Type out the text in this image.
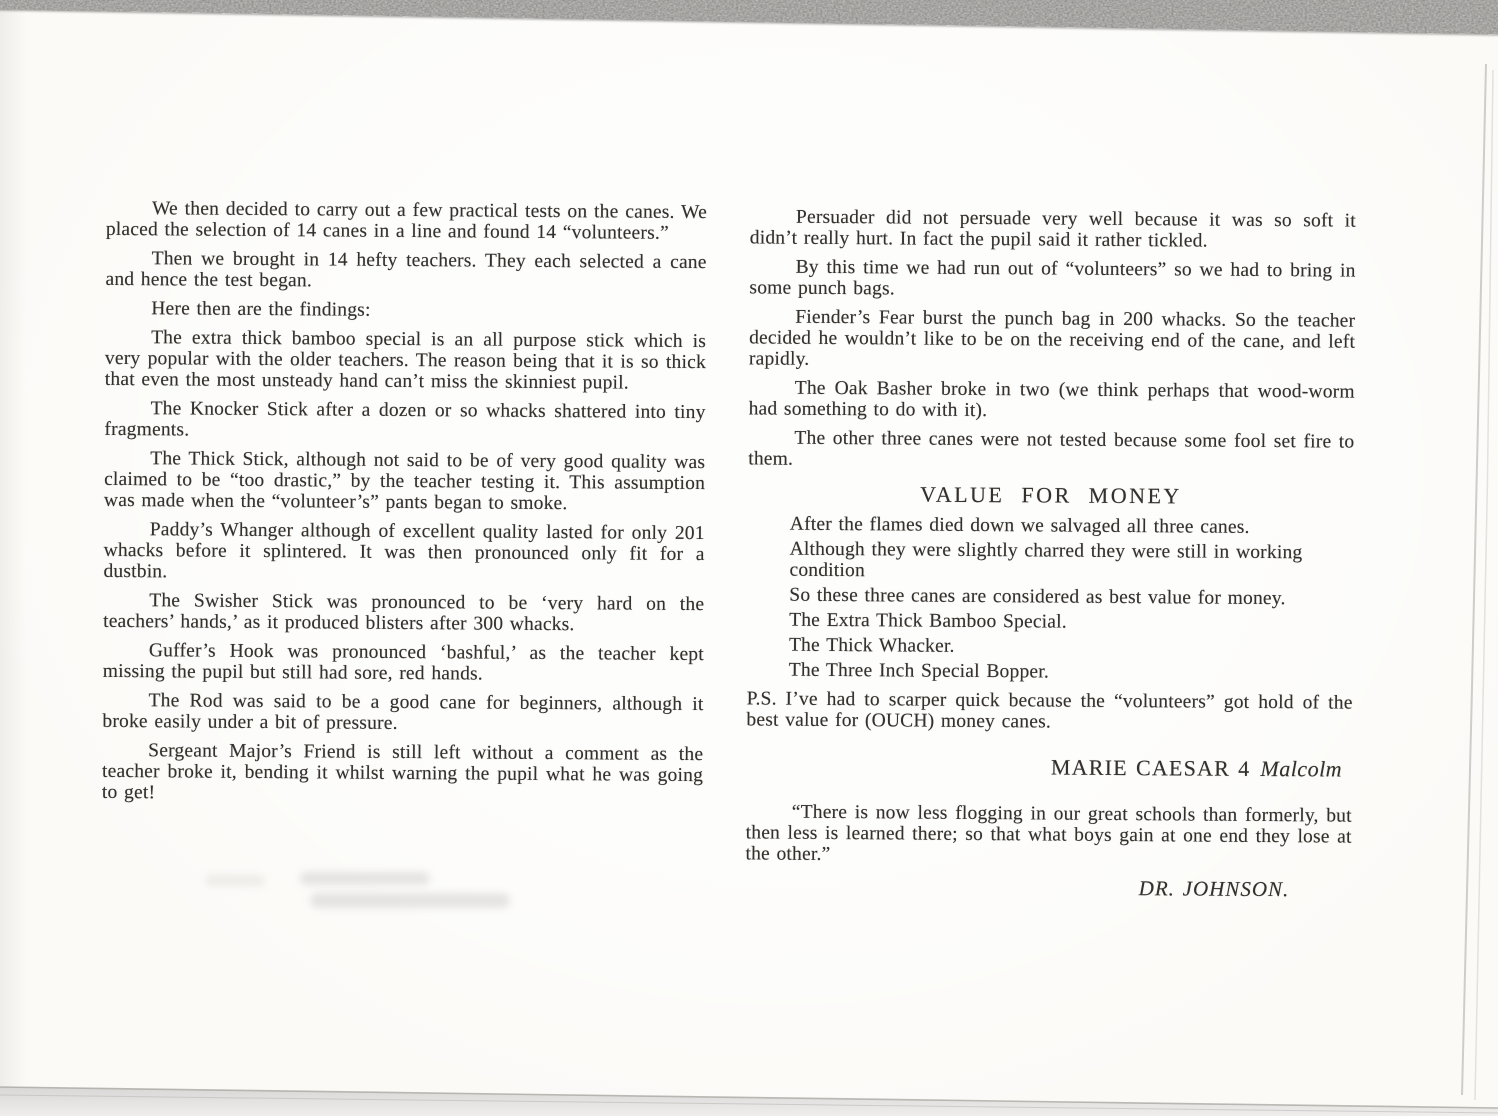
We then decided to carry out a few practical tests on the canes. We placed the selection of 14 canes in a line and found 14 “volunteers.”

Then we brought in 14 hefty teachers. They each selected a cane and hence the test began.

Here then are the findings:

The extra thick bamboo special is an all purpose stick which is very popular with the older teachers. The reason being that it is so thick that even the most unsteady hand can’t miss the skinniest pupil.

The Knocker Stick after a dozen or so whacks shattered into tiny fragments.

The Thick Stick, although not said to be of very good quality was claimed to be “too drastic,” by the teacher testing it. This assumption was made when the “volunteer’s” pants began to smoke.

Paddy’s Whanger although of excellent quality lasted for only 201 whacks before it splintered. It was then pronounced only fit for a dustbin.

The Swisher Stick was pronounced to be ‘very hard on the teachers’ hands,’ as it produced blisters after 300 whacks.

Guffer’s Hook was pronounced ‘bashful,’ as the teacher kept missing the pupil but still had sore, red hands.

The Rod was said to be a good cane for beginners, although it broke easily under a bit of pressure.

Sergeant Major’s Friend is still left without a comment as the teacher broke it, bending it whilst warning the pupil what he was going to get!

Persuader did not persuade very well because it was so soft it didn’t really hurt. In fact the pupil said it rather tickled.

By this time we had run out of “volunteers” so we had to bring in some punch bags.

Fiender’s Fear burst the punch bag in 200 whacks. So the teacher decided he wouldn’t like to be on the receiving end of the cane, and left rapidly.

The Oak Basher broke in two (we think perhaps that wood-worm had something to do with it).

The other three canes were not tested because some fool set fire to them.

VALUE FOR MONEY

After the flames died down we salvaged all three canes.

Although they were slightly charred they were still in working condition

So these three canes are considered as best value for money.

The Extra Thick Bamboo Special.

The Thick Whacker.

The Three Inch Special Bopper.

P.S. I’ve had to scarper quick because the “volunteers” got hold of the best value for (OUCH) money canes.

MARIE CAESAR 4 Malcolm

“There is now less flogging in our great schools than formerly, but then less is learned there; so that what boys gain at one end they lose at the other.”

DR. JOHNSON.
